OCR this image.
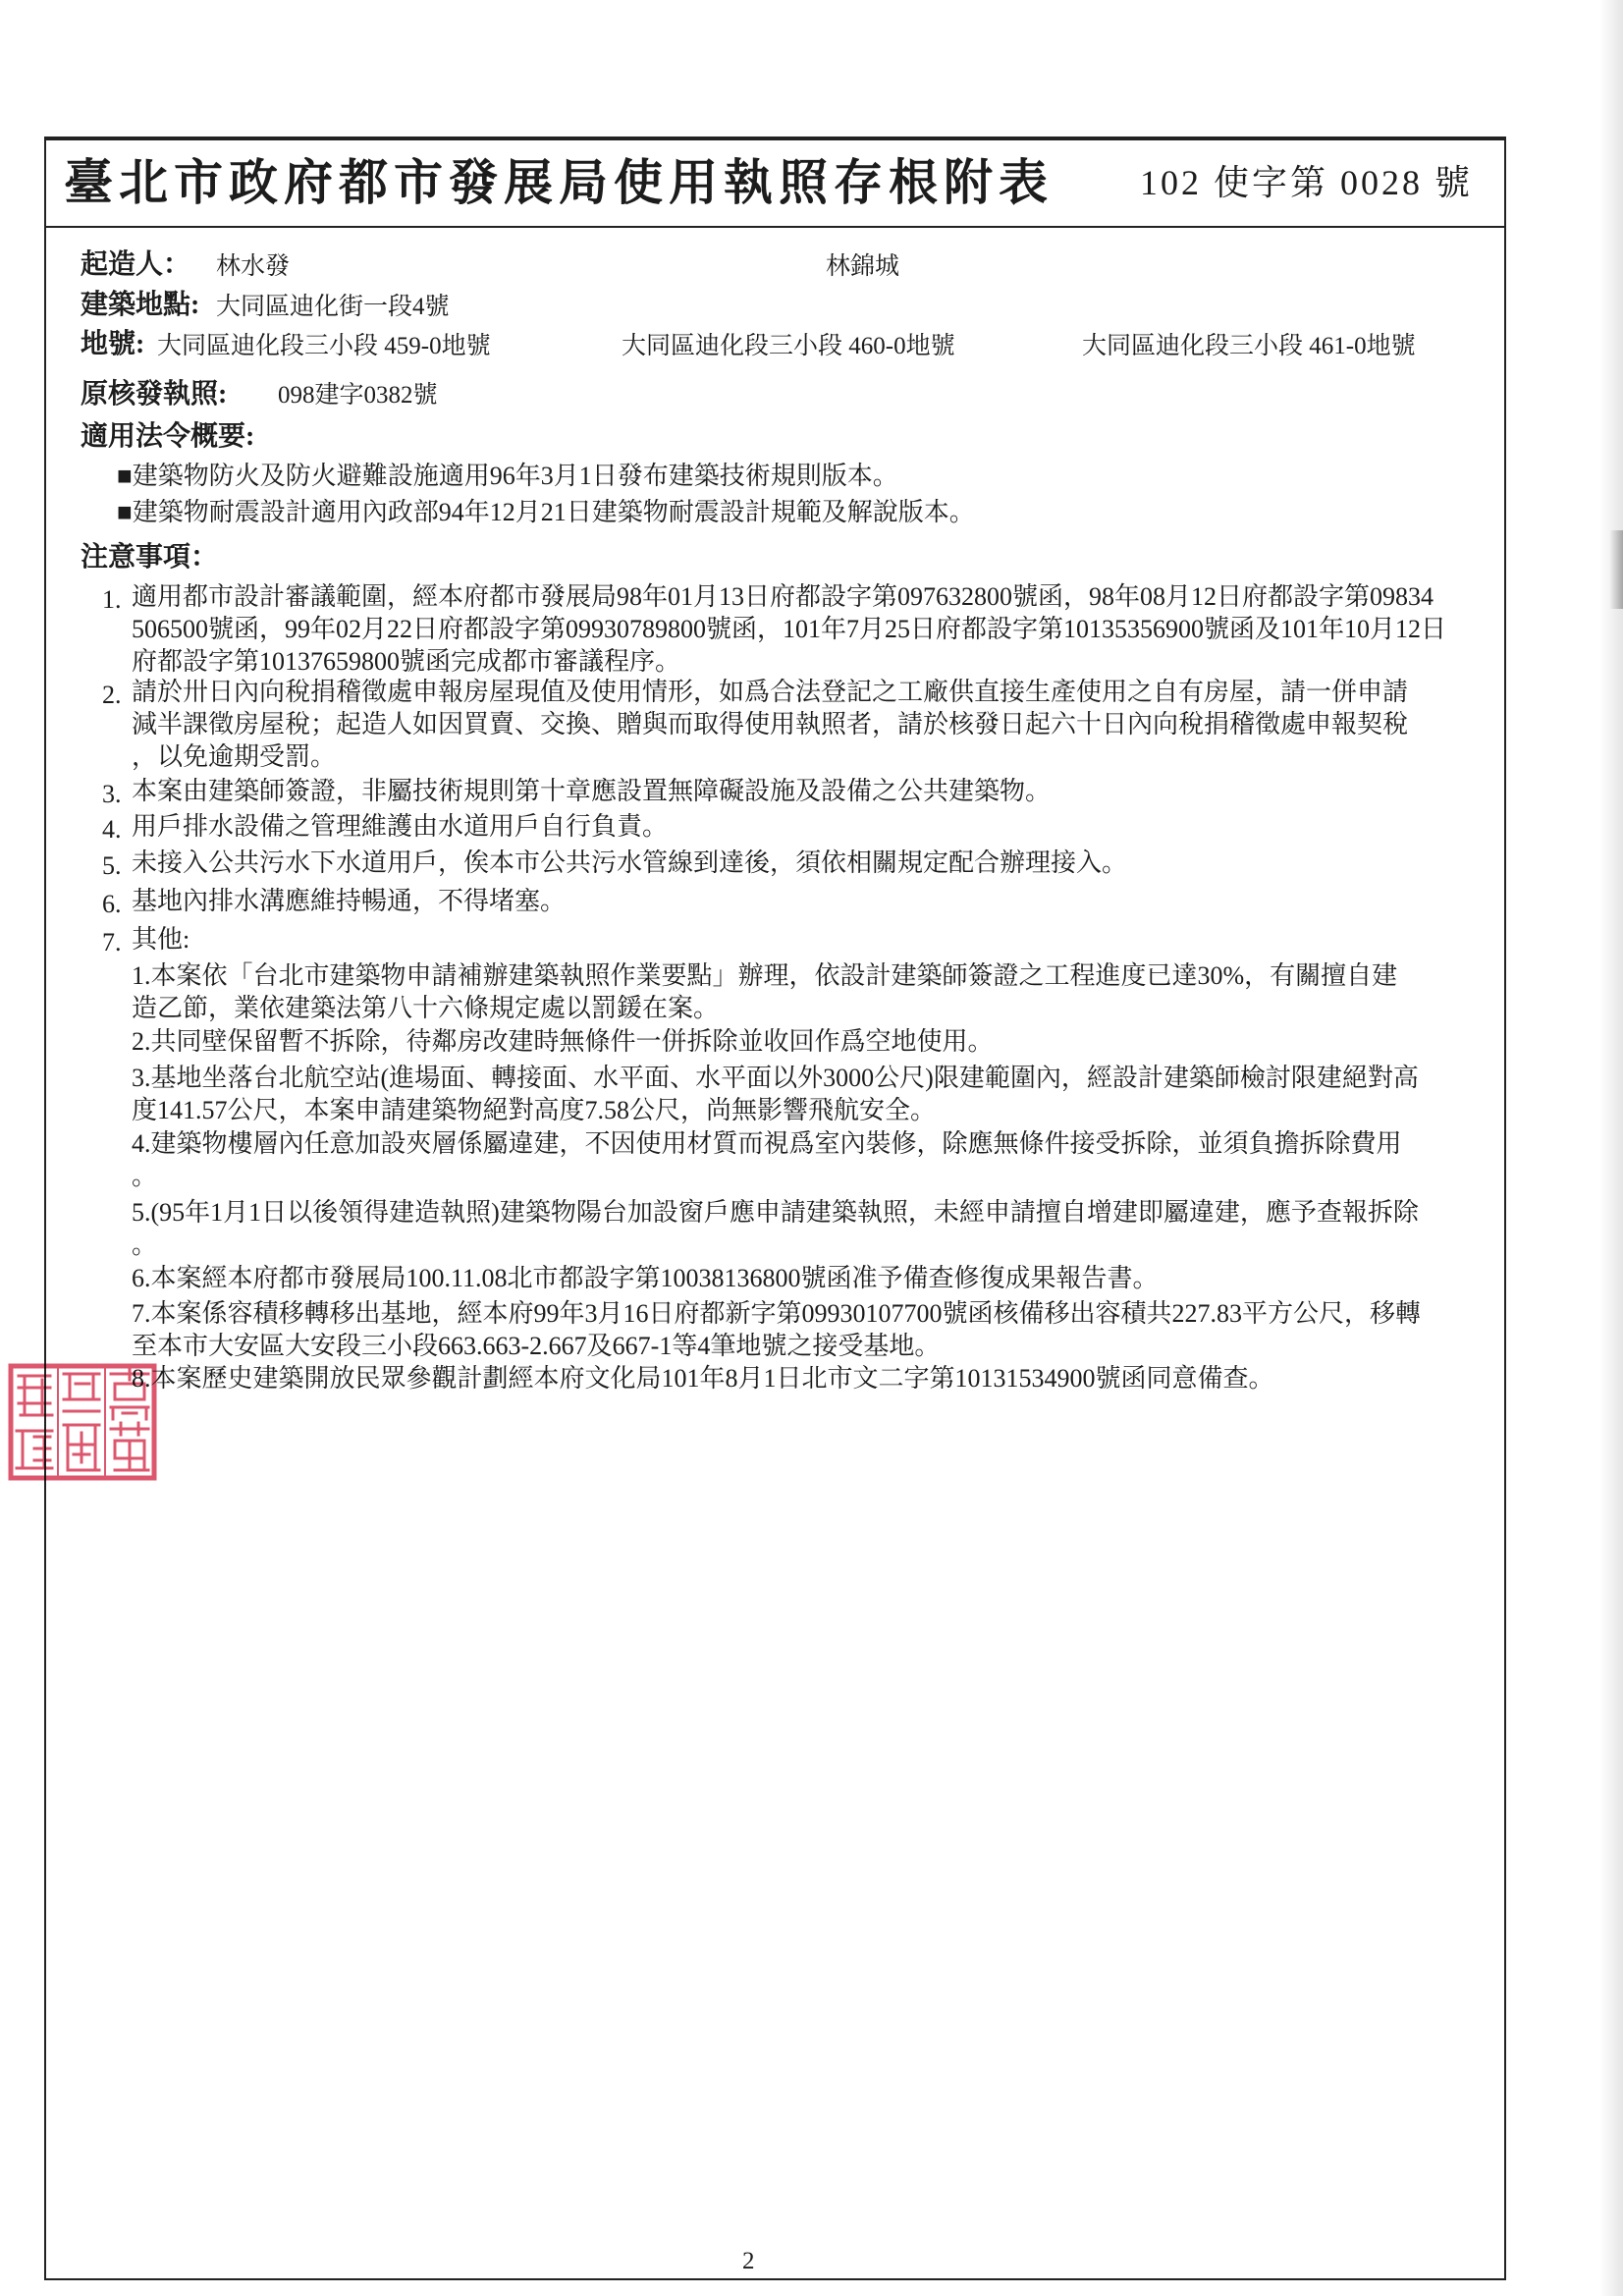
臺北市政府都市發展局使用執照存根附表 102 使字第 0028 號
起造人： 林水發	林錦城
建築地點: 大同區迪化街一段4號
地號: 大同區迪化段三小段 459-0地號	大同區迪化段三小段 460-0地號	大同區迪化段三小段 461-0地號
原核發執照: 098建字0382號
適用法令概要:
■建築物防火及防火避難設施適用96年3月1日發布建築技術規則版本。
■建築物耐震設計適用內政部94年12月21日建築物耐震設計規範及解說版本。
注意事項：
1. 適用都市設計審議範圍，經本府都市發展局98年01月13日府都設字第097632800號函，98年08月12日府都設字第09834
506500號函，99年02月22日府都設字第09930789800號函，101年7月25日府都設字第10135356900號函及101年10月12日
府都設字第10137659800號函完成都市審議程序。
2. 請於卅日內向稅捐稽徵處申報房屋現值及使用情形，如爲合法登記之工廠供直接生產使用之自有房屋，請一併申請
減半課徵房屋稅；起造人如因買賣、交換、贈與而取得使用執照者，請於核發日起六十日內向稅捐稽徵處申報契稅
，以免逾期受罰。
3. 本案由建築師簽證，非屬技術規則第十章應設置無障礙設施及設備之公共建築物。
4. 用戶排水設備之管理維護由水道用戶自行負責。
5. 未接入公共污水下水道用戶，俟本市公共污水管線到達後，須依相關規定配合辦理接入。
6. 基地內排水溝應維持暢通，不得堵塞。
7. 其他:
1.本案依「台北市建築物申請補辦建築執照作業要點」辦理，依設計建築師簽證之工程進度已達30%，有關擅自建
造乙節，業依建築法第八十六條規定處以罰鍰在案。
2.共同壁保留暫不拆除，待鄰房改建時無條件一併拆除並收回作爲空地使用。
3.基地坐落台北航空站(進場面、轉接面、水平面、水平面以外3000公尺)限建範圍內，經設計建築師檢討限建絕對高
度141.57公尺，本案申請建築物絕對高度7.58公尺，尚無影響飛航安全。
4.建築物樓層內任意加設夾層係屬違建，不因使用材質而視爲室內裝修，除應無條件接受拆除，並須負擔拆除費用
。
5.(95年1月1日以後領得建造執照)建築物陽台加設窗戶應申請建築執照，未經申請擅自增建即屬違建，應予查報拆除
。
6.本案經本府都市發展局100.11.08北市都設字第10038136800號函准予備查修復成果報告書。
7.本案係容積移轉移出基地，經本府99年3月16日府都新字第09930107700號函核備移出容積共227.83平方公尺，移轉
至本市大安區大安段三小段663.663-2.667及667-1等4筆地號之接受基地。
8.本案歷史建築開放民眾參觀計劃經本府文化局101年8月1日北市文二字第10131534900號函同意備查。
2
